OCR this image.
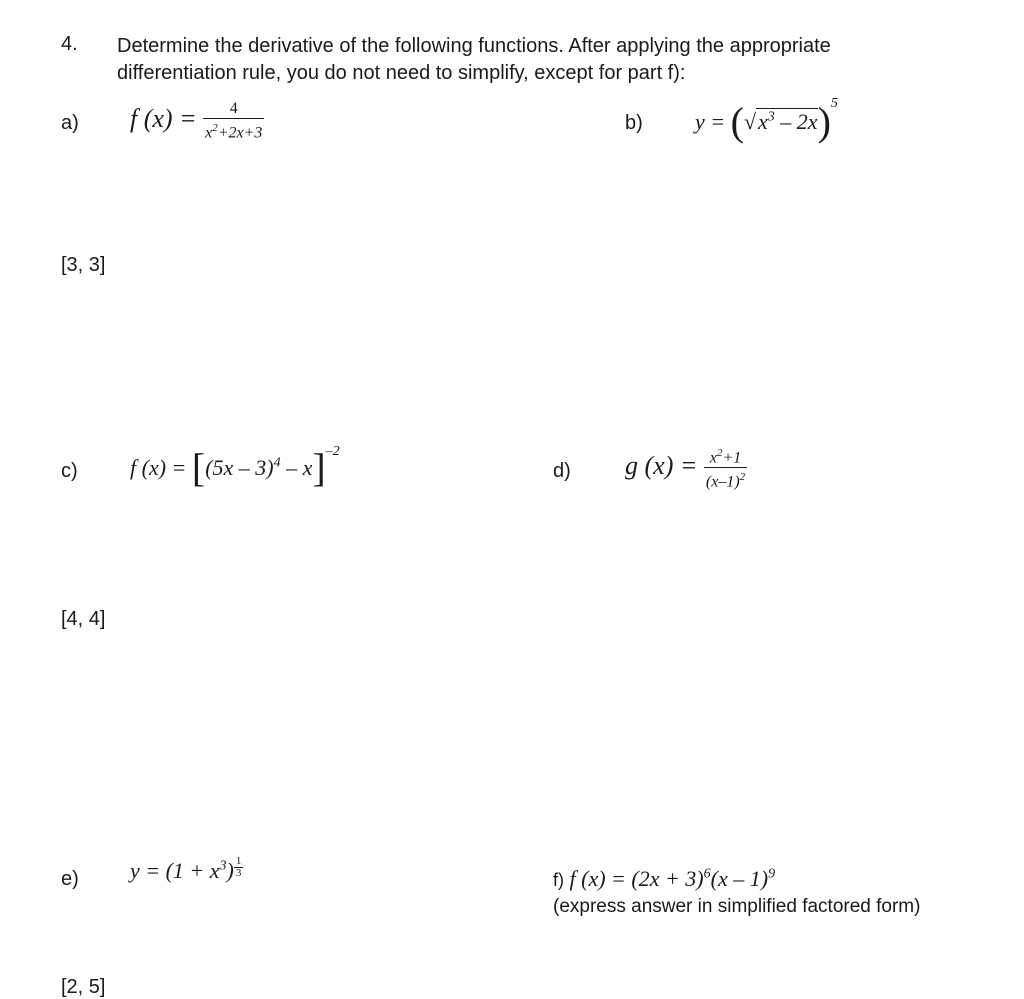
4. Determine the derivative of the following functions. After applying the appropriate
differentiation rule, you do not need to simplify, except for part f):
a) f $(x) = \frac{4}{x^2+2x+3}$
[3, 3]
b) $y = (√x^3 - 2x)^5$
c) f (x) = [(5x – 3)$^4$ – x]$^{-2}$
[4, 4]
d) g $(x) = \frac{x^2+1}{(x-1)^2}$
e) $y = (1 + x^3) \frac{1}{3}$
[2, 5]
f) f $(x) = (2x + 3)^6(x - 1)^9$
(express answer in simplified factored form)
